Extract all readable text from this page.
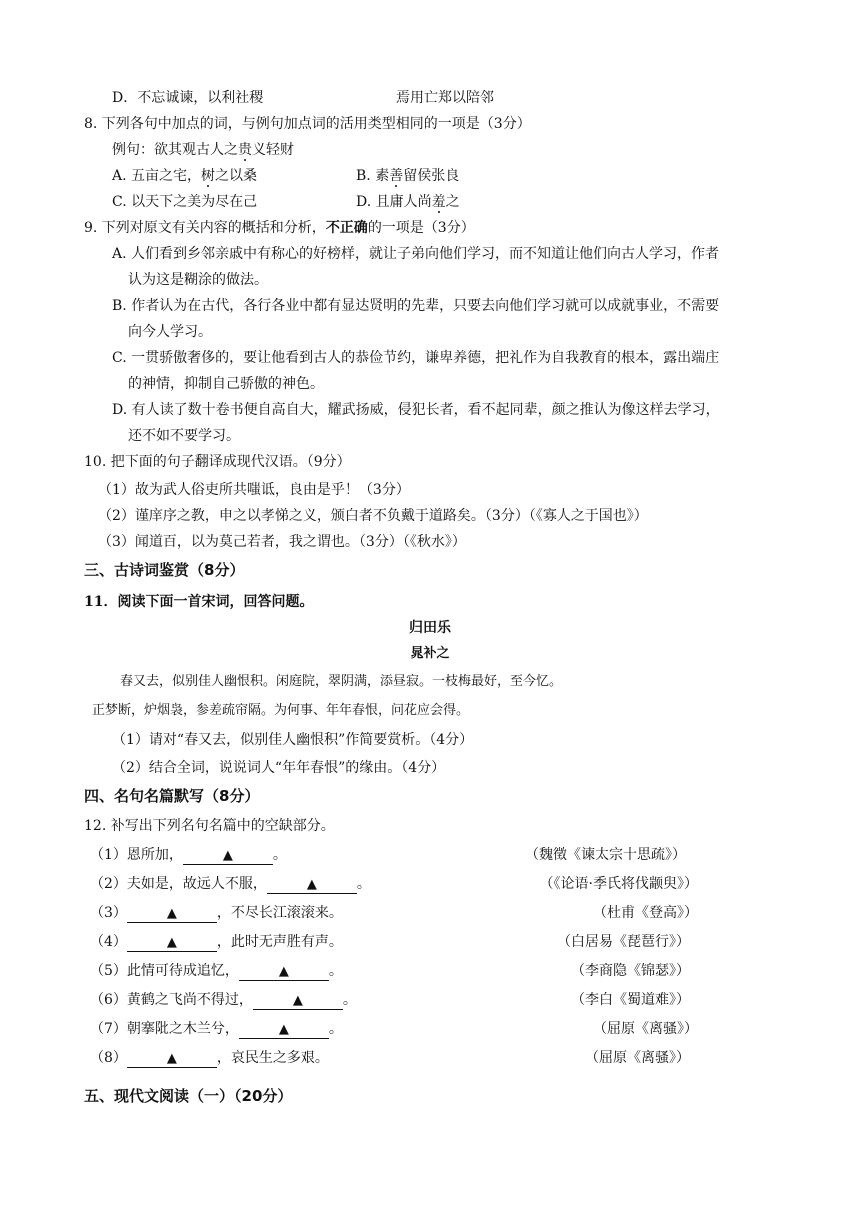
D．不忘诚谏，以利社稷	焉用亡郑以陪邻
8. 下列各句中加点的词，与例句加点词的活用类型相同的一项是（3分）
例句：欲其观古人之贵义轻财
A. 五亩之宅，树之以桑	B. 素善留侯张良
C. 以天下之美为尽在己	D. 且庸人尚羞之
9. 下列对原文有关内容的概括和分析，不正确的一项是（3分）
A. 人们看到乡邻亲戚中有称心的好榜样，就让子弟向他们学习，而不知道让他们向古人学习，作者
认为这是糊涂的做法。
B. 作者认为在古代，各行各业中都有显达贤明的先辈，只要去向他们学习就可以成就事业，不需要
向今人学习。
C. 一贯骄傲奢侈的，要让他看到古人的恭俭节约，谦卑养德，把礼作为自我教育的根本，露出端庄
的神情，抑制自己骄傲的神色。
D. 有人读了数十卷书便自高自大，耀武扬威，侵犯长者，看不起同辈，颜之推认为像这样去学习，
还不如不要学习。
10. 把下面的句子翻译成现代汉语。（9分）
（1）故为武人俗吏所共嗤诋，良由是乎！（3分）
（2）谨庠序之教，申之以孝悌之义，颁白者不负戴于道路矣。（3分）（《寡人之于国也》）
（3）闻道百，以为莫己若者，我之谓也。（3分）（《秋水》）
三、古诗词鉴赏（8分）
11．阅读下面一首宋词，回答问题。
归田乐
晁补之
春又去，似别佳人幽恨积。闲庭院，翠阴满，添昼寂。一枝梅最好，至今忆。
正梦断，炉烟袅，参差疏帘隔。为何事、年年春恨，问花应会得。
（1）请对“春又去，似别佳人幽恨积”作简要赏析。（4分）
（2）结合全词，说说词人“年年春恨”的缘由。（4分）
四、名句名篇默写（8分）
12. 补写出下列名句名篇中的空缺部分。
（1）恩所加，	▲	。	（魏徵《谏太宗十思疏》）
（2）夫如是，故远人不服，	▲	。	（《论语·季氏将伐颛臾》）
（3）	▲	，不尽长江滚滚来。	（杜甫《登高》）
（4）	▲	，此时无声胜有声。	（白居易《琵琶行》）
（5）此情可待成追忆，	▲	。	（李商隐《锦瑟》）
（6）黄鹤之飞尚不得过，	▲	。	（李白《蜀道难》）
（7）朝搴阰之木兰兮，	▲	。	（屈原《离骚》）
（8）	▲	，哀民生之多艰。	（屈原《离骚》）
五、现代文阅读（一）（20分）
